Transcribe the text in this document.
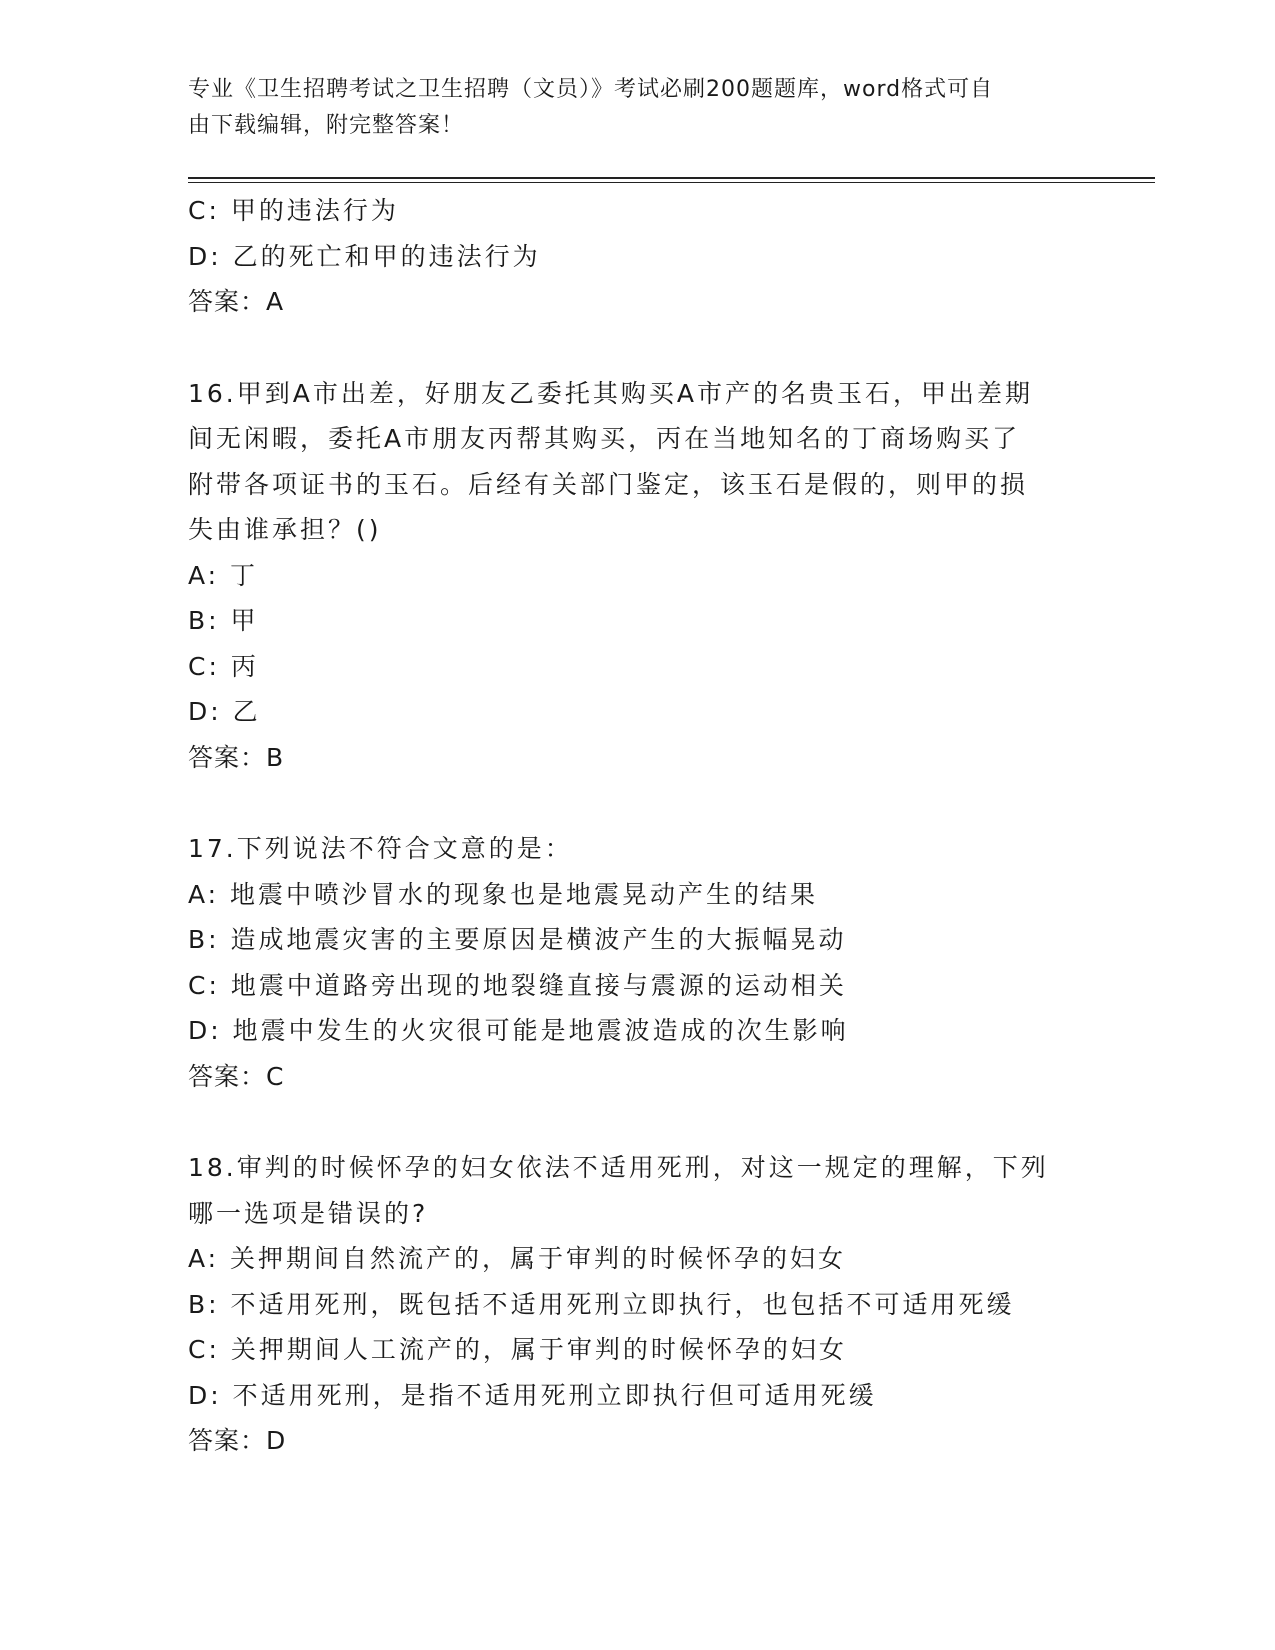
专业《卫生招聘考试之卫生招聘（文员）》考试必刷200题题库，word格式可自
由下载编辑，附完整答案！
C: 甲的违法行为
D: 乙的死亡和甲的违法行为
答案：A
16.甲到A市出差，好朋友乙委托其购买A市产的名贵玉石，甲出差期
间无闲暇，委托A市朋友丙帮其购买，丙在当地知名的丁商场购买了
附带各项证书的玉石。后经有关部门鉴定，该玉石是假的，则甲的损
失由谁承担？()
A: 丁
B: 甲
C: 丙
D: 乙
答案：B
17.下列说法不符合文意的是：
A: 地震中喷沙冒水的现象也是地震晃动产生的结果
B: 造成地震灾害的主要原因是横波产生的大振幅晃动
C: 地震中道路旁出现的地裂缝直接与震源的运动相关
D: 地震中发生的火灾很可能是地震波造成的次生影响
答案：C
18.审判的时候怀孕的妇女依法不适用死刑，对这一规定的理解，下列
哪一选项是错误的?
A: 关押期间自然流产的，属于审判的时候怀孕的妇女
B: 不适用死刑，既包括不适用死刑立即执行，也包括不可适用死缓
C: 关押期间人工流产的，属于审判的时候怀孕的妇女
D: 不适用死刑，是指不适用死刑立即执行但可适用死缓
答案：D
